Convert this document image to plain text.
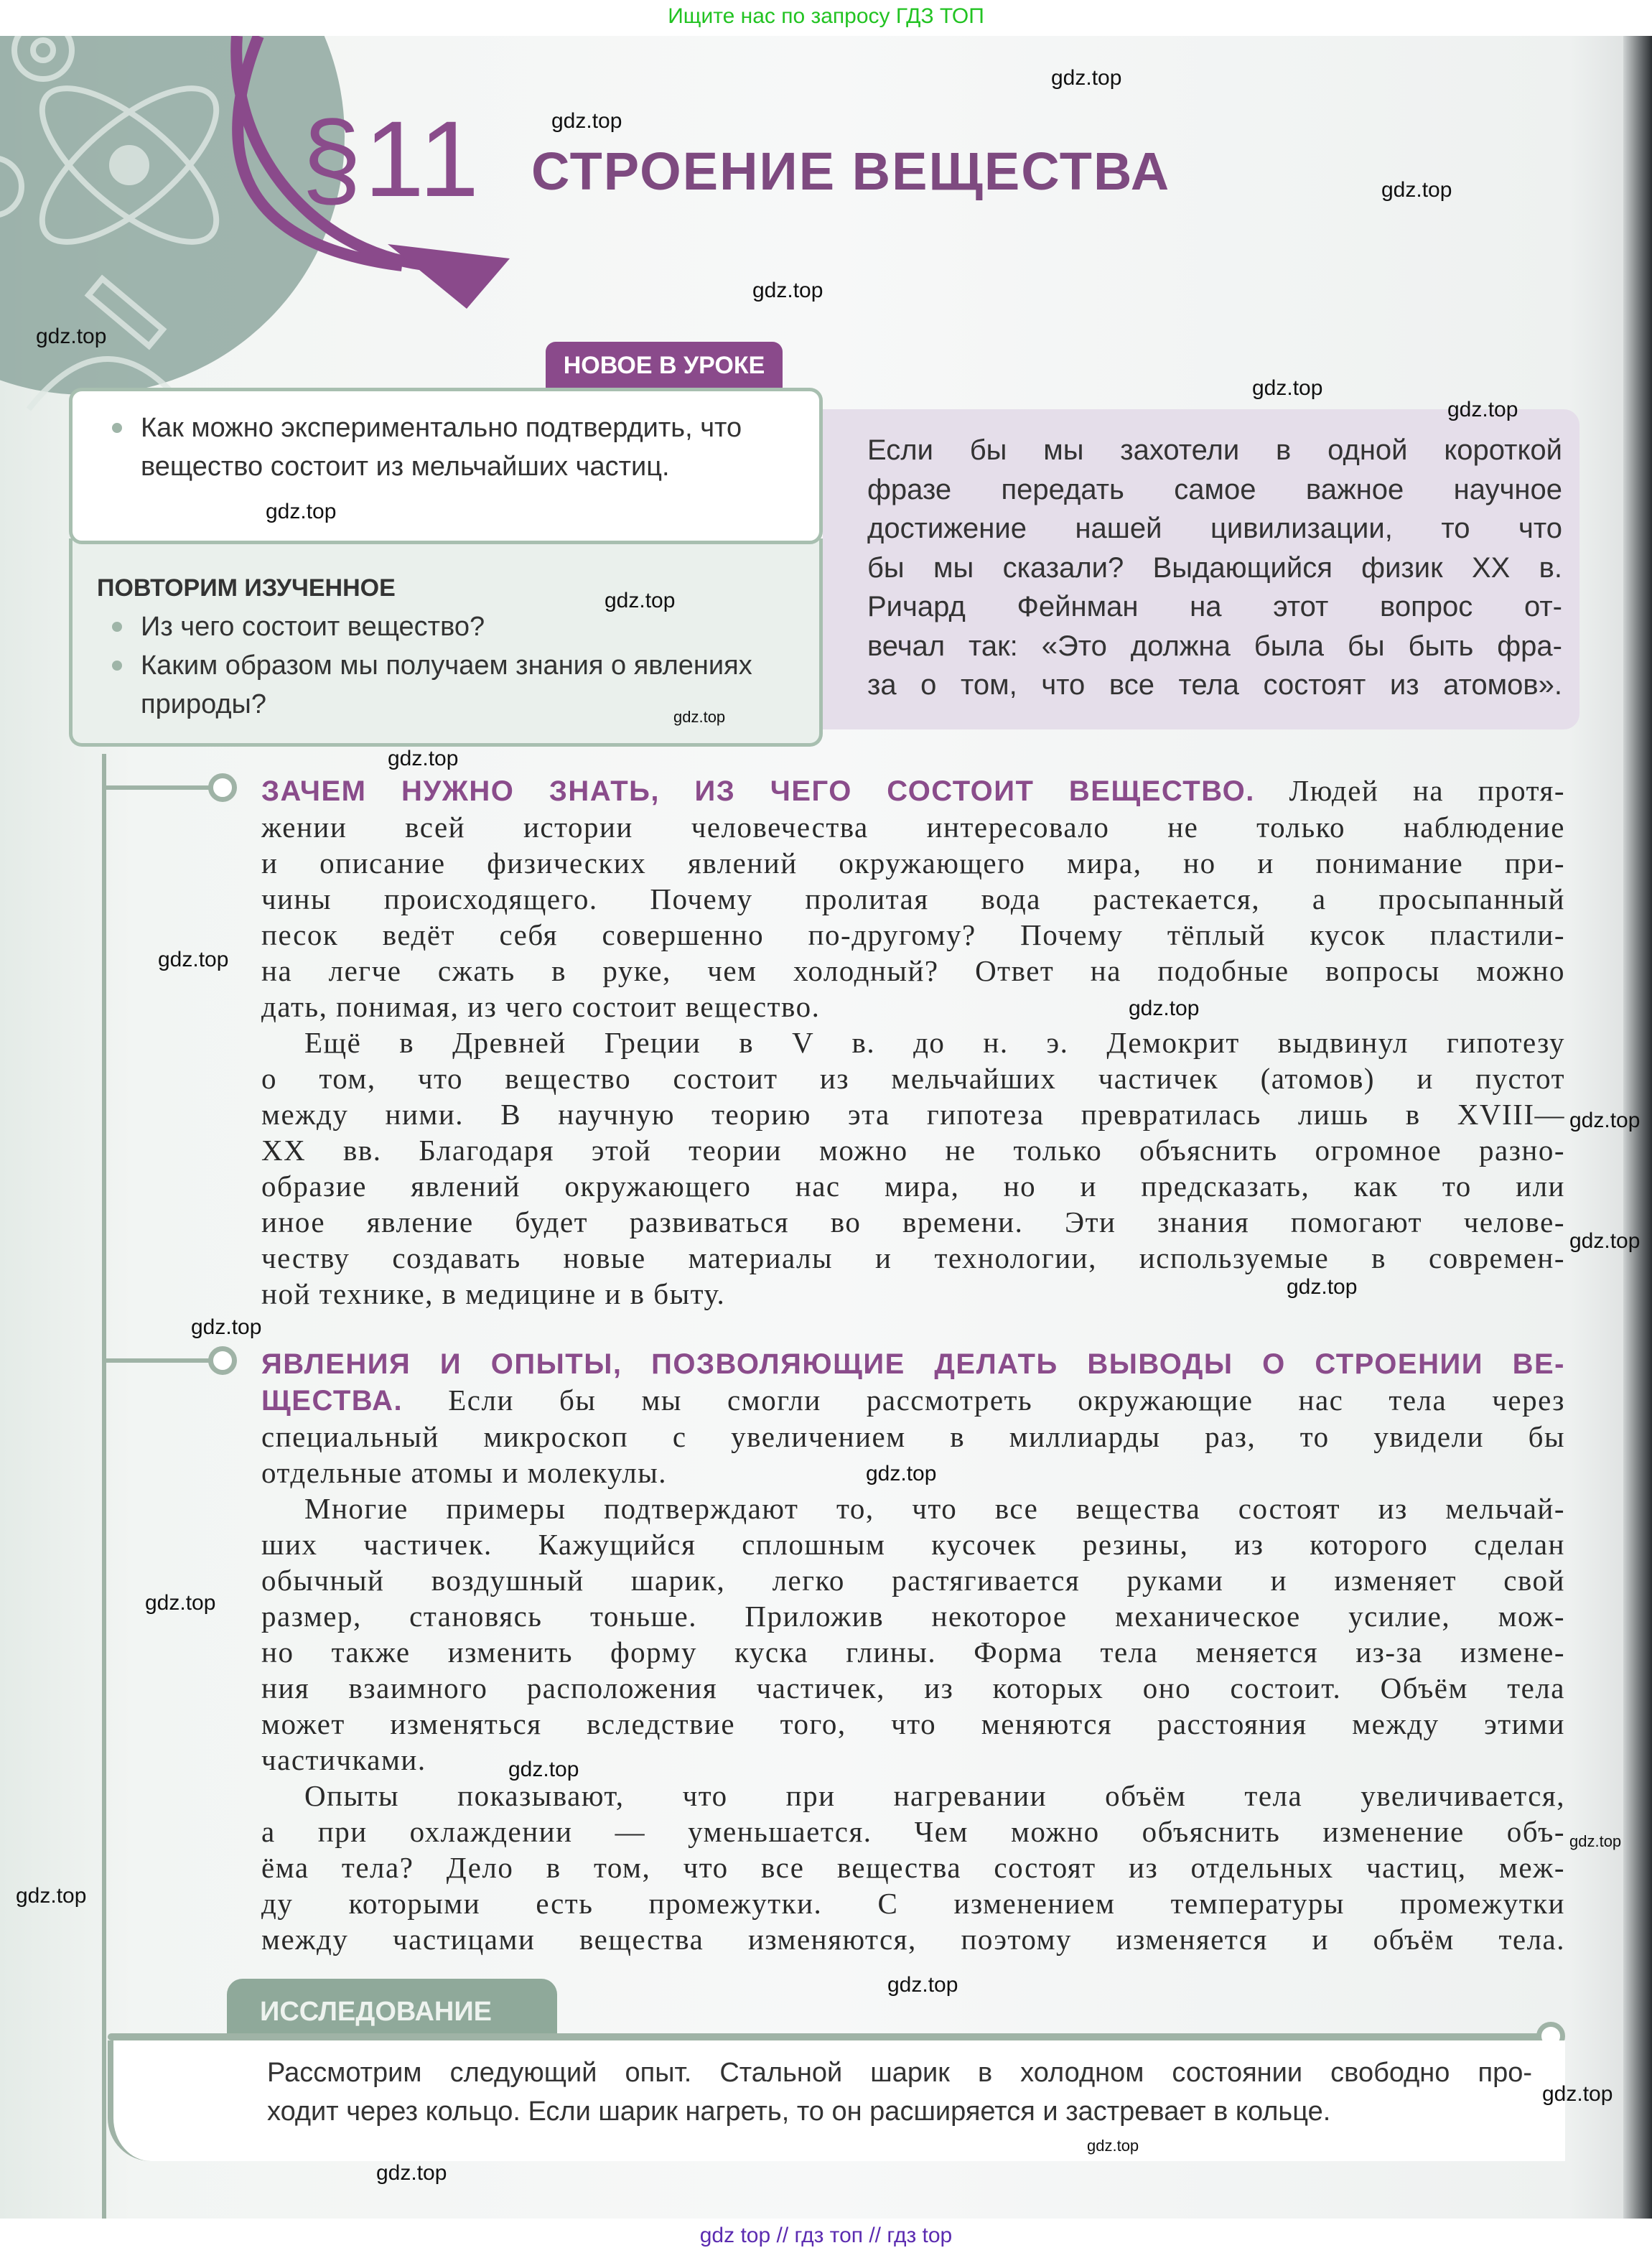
Ищите нас по запросу ГДЗ ТОП
§11 СТРОЕНИЕ ВЕЩЕСТВА
НОВОЕ В УРОКЕ
Как можно экспериментально подтвердить, что вещество состоит из мельчайших частиц.
ПОВТОРИМ ИЗУЧЕННОЕ
Из чего состоит вещество?
Каким образом мы получаем знания о явлениях природы?
Если бы мы захотели в одной короткой
фразе передать самое важное научное
достижение нашей цивилизации, то что
бы мы сказали? Выдающийся физик XX в.
Ричард Фейнман на этот вопрос от-
вечал так: «Это должна была бы быть фра-
за о том, что все тела состоят из атомов».
ЗАЧЕМ НУЖНО ЗНАТЬ, ИЗ ЧЕГО СОСТОИТ ВЕЩЕСТВО. Людей на протя-
жении всей истории человечества интересовало не только наблюдение
и описание физических явлений окружающего мира, но и понимание при-
чины происходящего. Почему пролитая вода растекается, а просыпанный
песок ведёт себя совершенно по-другому? Почему тёплый кусок пластили-
на легче сжать в руке, чем холодный? Ответ на подобные вопросы можно
дать, понимая, из чего состоит вещество.
Ещё в Древней Греции в V в. до н. э. Демокрит выдвинул гипотезу
о том, что вещество состоит из мельчайших частичек (атомов) и пустот
между ними. В научную теорию эта гипотеза превратилась лишь в XVIII—
XX вв. Благодаря этой теории можно не только объяснить огромное разно-
образие явлений окружающего нас мира, но и предсказать, как то или
иное явление будет развиваться во времени. Эти знания помогают челове-
честву создавать новые материалы и технологии, используемые в современ-
ной технике, в медицине и в быту.
ЯВЛЕНИЯ И ОПЫТЫ, ПОЗВОЛЯЮЩИЕ ДЕЛАТЬ ВЫВОДЫ О СТРОЕНИИ ВЕ-
ЩЕСТВА. Если бы мы смогли рассмотреть окружающие нас тела через
специальный микроскоп с увеличением в миллиарды раз, то увидели бы
отдельные атомы и молекулы.
Многие примеры подтверждают то, что все вещества состоят из мельчай-
ших частичек. Кажущийся сплошным кусочек резины, из которого сделан
обычный воздушный шарик, легко растягивается руками и изменяет свой
размер, становясь тоньше. Приложив некоторое механическое усилие, мож-
но также изменить форму куска глины. Форма тела меняется из-за измене-
ния взаимного расположения частичек, из которых оно состоит. Объём тела
может изменяться вследствие того, что меняются расстояния между этими
частичками.
Опыты показывают, что при нагревании объём тела увеличивается,
а при охлаждении — уменьшается. Чем можно объяснить изменение объ-
ёма тела? Дело в том, что все вещества состоят из отдельных частиц, меж-
ду которыми есть промежутки. С изменением температуры промежутки
между частицами вещества изменяются, поэтому изменяется и объём тела.
ИССЛЕДОВАНИЕ
Рассмотрим следующий опыт. Стальной шарик в холодном состоянии свободно про-
ходит через кольцо. Если шарик нагреть, то он расширяется и застревает в кольце.
gdz.top
gdz.top
gdz.top
gdz.top
gdz.top
gdz.top
gdz.top
gdz.top
gdz.top
gdz.top
gdz.top
gdz.top
gdz.top
gdz.top
gdz.top
gdz.top
gdz.top
gdz.top
gdz.top
gdz.top
gdz.top
gdz.top
gdz.top
gdz.top
gdz.top
gdz.top
gdz top // гдз топ // гдз top
